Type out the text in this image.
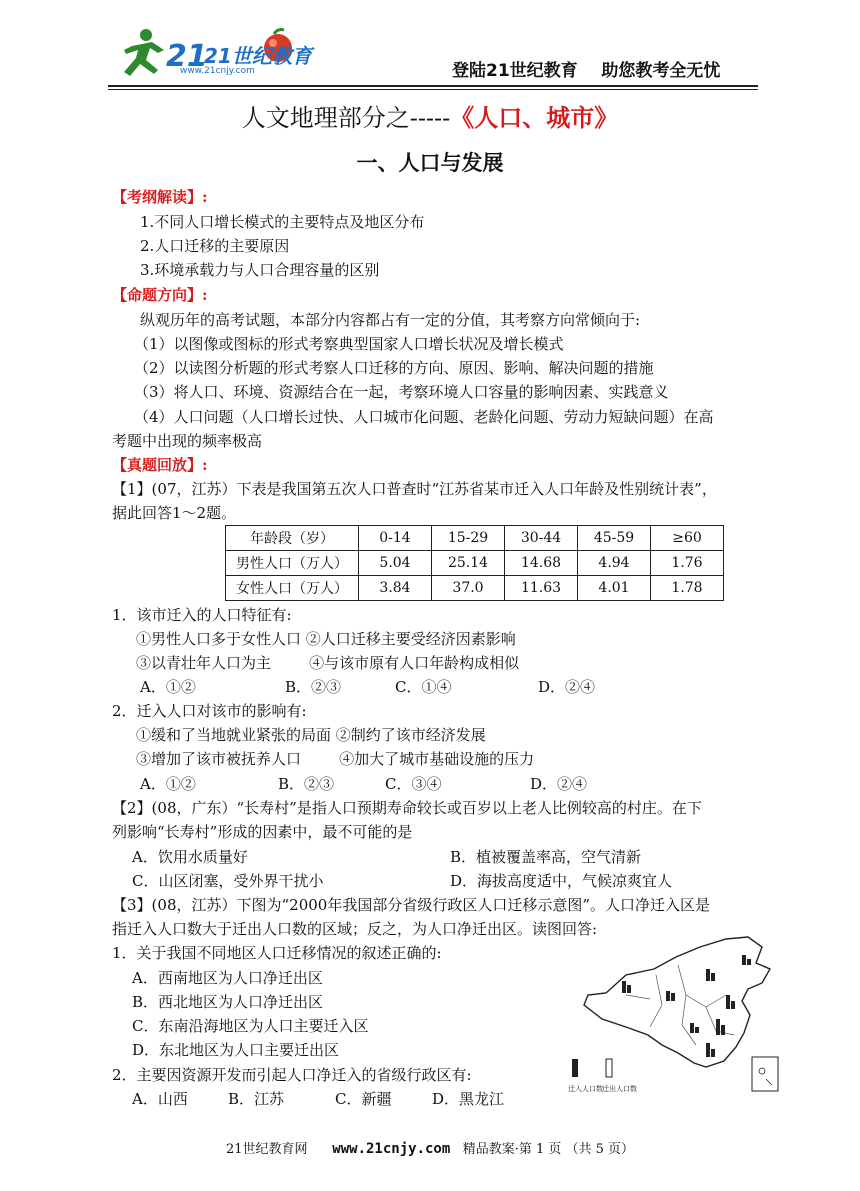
21
21世纪教育
www.21cnjy.com	登陆21世纪教育    助您教考全无忧
人文地理部分之-----《人口、城市》
一、人口与发展
【考纲解读】:
1.不同人口增长模式的主要特点及地区分布
2.人口迁移的主要原因
3.环境承载力与人口合理容量的区别
【命题方向】:
纵观历年的高考试题，本部分内容都占有一定的分值，其考察方向常倾向于:
（1）以图像或图标的形式考察典型国家人口增长状况及增长模式
（2）以读图分析题的形式考察人口迁移的方向、原因、影响、解决问题的措施
（3）将人口、环境、资源结合在一起，考察环境人口容量的影响因素、实践意义
（4）人口问题（人口增长过快、人口城市化问题、老龄化问题、劳动力短缺问题）在高
考题中出现的频率极高
【真题回放】:
【1】(07，江苏）下表是我国第五次人口普查时“江苏省某市迁入人口年龄及性别统计表”，
据此回答1～2题。
年龄段（岁）	0-14	15-29	30-44	45-59	≥60
男性人口（万人）	5.04	25.14	14.68	4.94	1.76
女性人口（万人）	3.84	37.0	11.63	4.01	1.78
1．该市迁入的人口特征有:
①男性人口多于女性人口 ②人口迁移主要受经济因素影响
③以青壮年人口为主        ④与该市原有人口年龄构成相似
A．①②	B．②③	C．①④	D．②④
2．迁入人口对该市的影响有:
①缓和了当地就业紧张的局面 ②制约了该市经济发展
③增加了该市被抚养人口        ④加大了城市基础设施的压力
A．①②	B．②③	C．③④	D．②④
【2】(08，广东）“长寿村”是指人口预期寿命较长或百岁以上老人比例较高的村庄。在下
列影响“长寿村”形成的因素中，最不可能的是
A．饮用水质量好	B．植被覆盖率高，空气清新
C．山区闭塞，受外界干扰小	D．海拔高度适中，气候凉爽宜人
【3】(08，江苏）下图为“2000年我国部分省级行政区人口迁移示意图”。人口净迁入区是
指迁入人口数大于迁出人口数的区域；反之，为人口净迁出区。读图回答:
1．关于我国不同地区人口迁移情况的叙述正确的:
A．西南地区为人口净迁出区
B．西北地区为人口净迁出区
C．东南沿海地区为人口主要迁入区
D．东北地区为人口主要迁出区
2．主要因资源开发而引起人口净迁入的省级行政区有:
A．山西	B．江苏	C．新疆	D．黑龙江
迁入人口数 迁出人口数
21世纪教育网 www.21cnjy.com 精品教案·第 1 页 （共 5 页）
